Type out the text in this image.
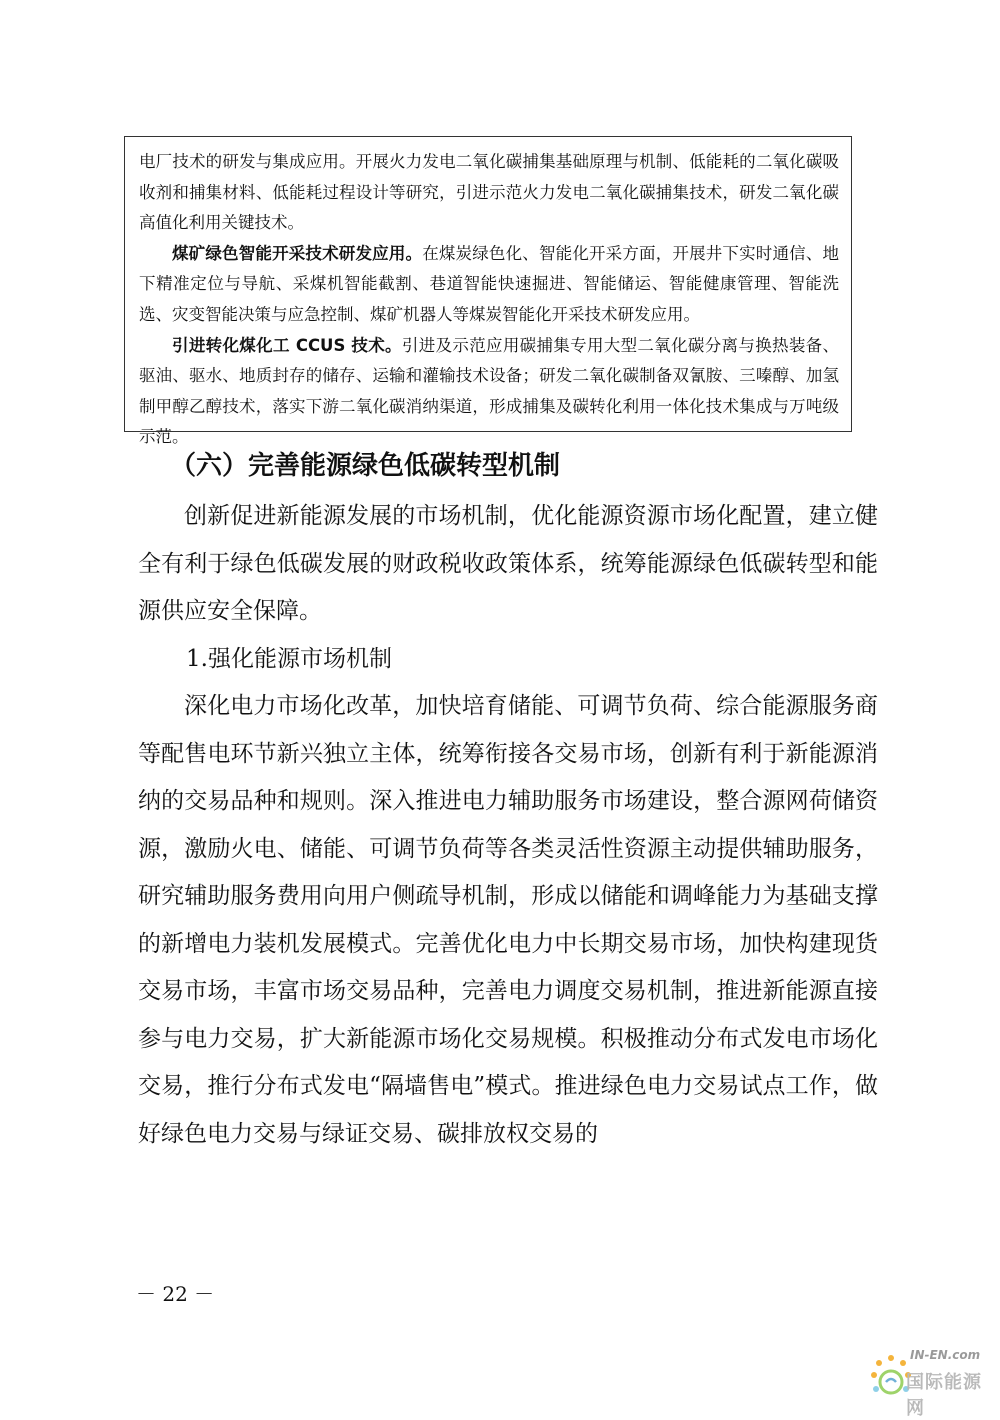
电厂技术的研发与集成应用。开展火力发电二氧化碳捕集基础原理与机制、低能耗的二氧化碳吸收剂和捕集材料、低能耗过程设计等研究，引进示范火力发电二氧化碳捕集技术，研发二氧化碳高值化利用关键技术。

煤矿绿色智能开采技术研发应用。在煤炭绿色化、智能化开采方面，开展井下实时通信、地下精准定位与导航、采煤机智能截割、巷道智能快速掘进、智能储运、智能健康管理、智能洗选、灾变智能决策与应急控制、煤矿机器人等煤炭智能化开采技术研发应用。

引进转化煤化工 CCUS 技术。引进及示范应用碳捕集专用大型二氧化碳分离与换热装备、驱油、驱水、地质封存的储存、运输和灌输技术设备；研发二氧化碳制备双氰胺、三嗪醇、加氢制甲醇乙醇技术，落实下游二氧化碳消纳渠道，形成捕集及碳转化利用一体化技术集成与万吨级示范。

（六）完善能源绿色低碳转型机制

创新促进新能源发展的市场机制，优化能源资源市场化配置，建立健全有利于绿色低碳发展的财政税收政策体系，统筹能源绿色低碳转型和能源供应安全保障。

1.强化能源市场机制

深化电力市场化改革，加快培育储能、可调节负荷、综合能源服务商等配售电环节新兴独立主体，统筹衔接各交易市场，创新有利于新能源消纳的交易品种和规则。深入推进电力辅助服务市场建设，整合源网荷储资源，激励火电、储能、可调节负荷等各类灵活性资源主动提供辅助服务，研究辅助服务费用向用户侧疏导机制，形成以储能和调峰能力为基础支撑的新增电力装机发展模式。完善优化电力中长期交易市场，加快构建现货交易市场，丰富市场交易品种，完善电力调度交易机制，推进新能源直接参与电力交易，扩大新能源市场化交易规模。积极推动分布式发电市场化交易，推行分布式发电“隔墙售电”模式。推进绿色电力交易试点工作，做好绿色电力交易与绿证交易、碳排放权交易的

－ 22 －

IN-EN.com
国际能源网
